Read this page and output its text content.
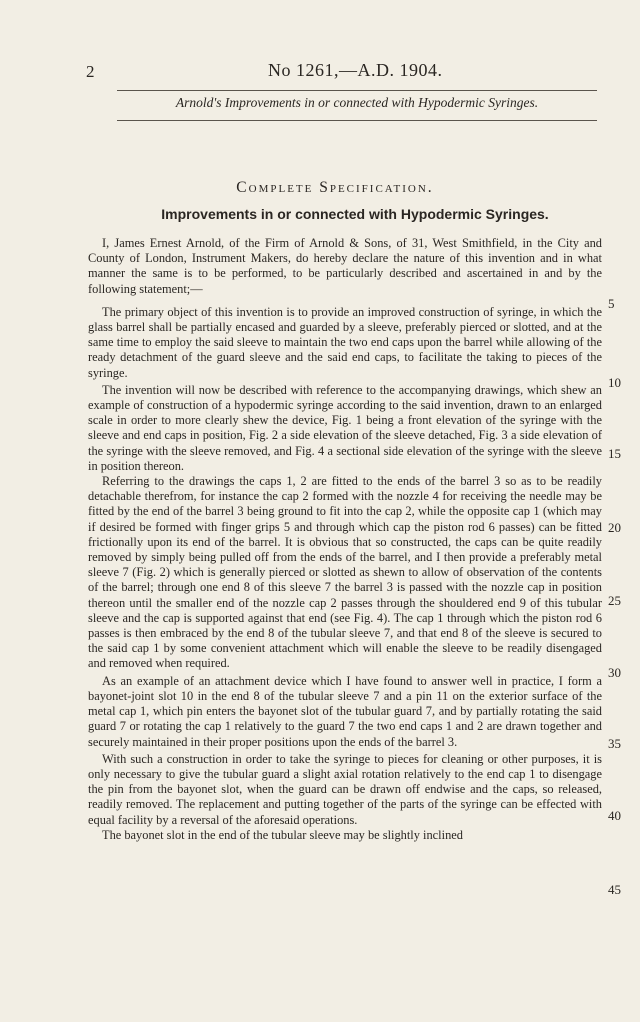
2	No 1261,—A.D. 1904.
Arnold's Improvements in or connected with Hypodermic Syringes.
Complete Specification.
Improvements in or connected with Hypodermic Syringes.
I, James Ernest Arnold, of the Firm of Arnold & Sons, of 31, West Smithfield, in the City and County of London, Instrument Makers, do hereby declare the nature of this invention and in what manner the same is to be performed, to be particularly described and ascertained in and by the following statement;—
The primary object of this invention is to provide an improved construction of syringe, in which the glass barrel shall be partially encased and guarded by a sleeve, preferably pierced or slotted, and at the same time to employ the said sleeve to maintain the two end caps upon the barrel while allowing of the ready detachment of the guard sleeve and the said end caps, to facilitate the taking to pieces of the syringe.
The invention will now be described with reference to the accompanying drawings, which shew an example of construction of a hypodermic syringe according to the said invention, drawn to an enlarged scale in order to more clearly shew the device, Fig. 1 being a front elevation of the syringe with the sleeve and end caps in position, Fig. 2 a side elevation of the sleeve detached, Fig. 3 a side elevation of the syringe with the sleeve removed, and Fig. 4 a sectional side elevation of the syringe with the sleeve in position thereon.
Referring to the drawings the caps 1, 2 are fitted to the ends of the barrel 3 so as to be readily detachable therefrom, for instance the cap 2 formed with the nozzle 4 for receiving the needle may be fitted by the end of the barrel 3 being ground to fit into the cap 2, while the opposite cap 1 (which may if desired be formed with finger grips 5 and through which cap the piston rod 6 passes) can be fitted frictionally upon its end of the barrel. It is obvious that so constructed, the caps can be quite readily removed by simply being pulled off from the ends of the barrel, and I then provide a preferably metal sleeve 7 (Fig. 2) which is generally pierced or slotted as shewn to allow of observation of the contents of the barrel; through one end 8 of this sleeve 7 the barrel 3 is passed with the nozzle cap in position thereon until the smaller end of the nozzle cap 2 passes through the shouldered end 9 of this tubular sleeve and the cap is supported against that end (see Fig. 4). The cap 1 through which the piston rod 6 passes is then embraced by the end 8 of the tubular sleeve 7, and that end 8 of the sleeve is secured to the said cap 1 by some convenient attachment which will enable the sleeve to be readily disengaged and removed when required.
As an example of an attachment device which I have found to answer well in practice, I form a bayonet-joint slot 10 in the end 8 of the tubular sleeve 7 and a pin 11 on the exterior surface of the metal cap 1, which pin enters the bayonet slot of the tubular guard 7, and by partially rotating the said guard 7 or rotating the cap 1 relatively to the guard 7 the two end caps 1 and 2 are drawn together and securely maintained in their proper positions upon the ends of the barrel 3.
With such a construction in order to take the syringe to pieces for cleaning or other purposes, it is only necessary to give the tubular guard a slight axial rotation relatively to the end cap 1 to disengage the pin from the bayonet slot, when the guard can be drawn off endwise and the caps, so released, readily removed. The replacement and putting together of the parts of the syringe can be effected with equal facility by a reversal of the aforesaid operations.
The bayonet slot in the end of the tubular sleeve may be slightly inclined
5
10
15
20
25
30
35
40
45
